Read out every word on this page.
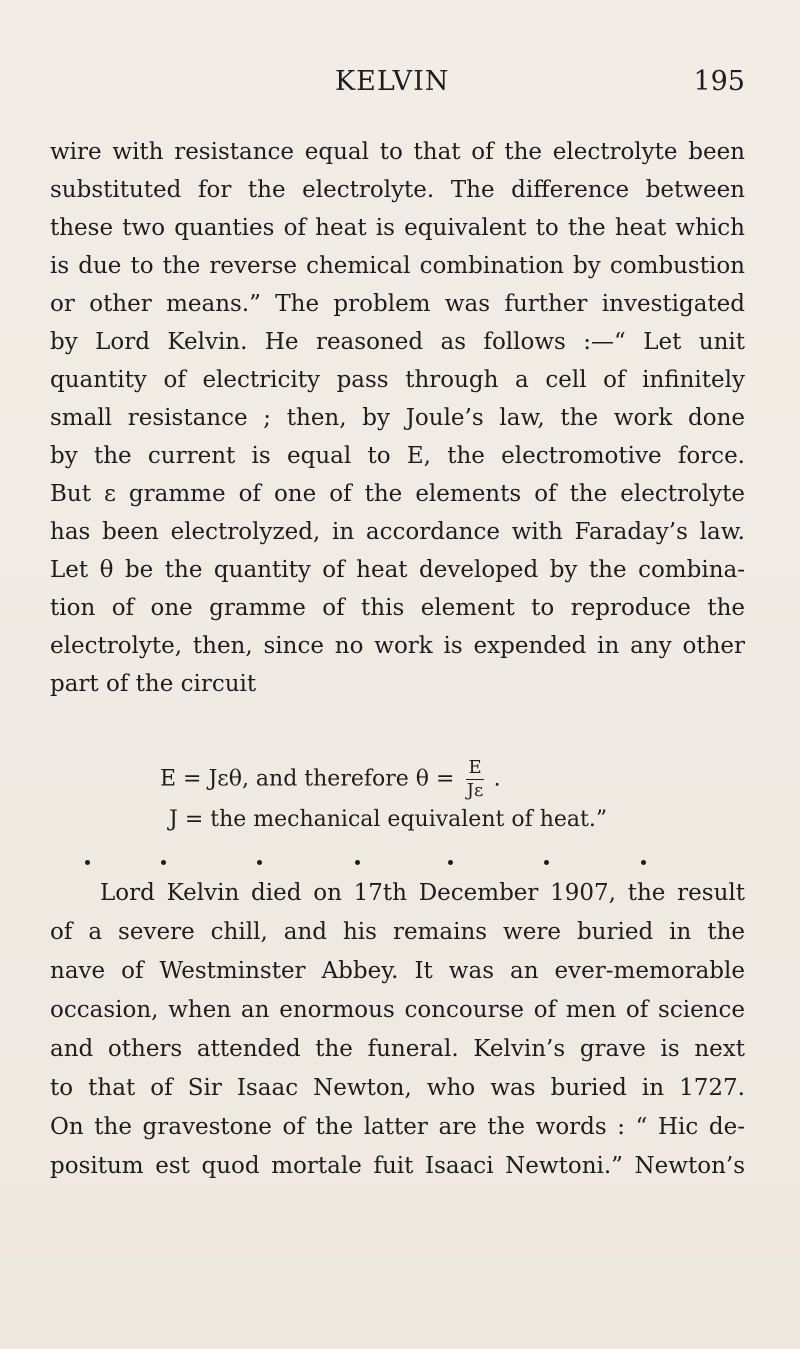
KELVIN	195
wire with resistance equal to that of the electrolyte been
substituted for the electrolyte. The difference between
these two quanties of heat is equivalent to the heat which
is due to the reverse chemical combination by combustion
or other means.” The problem was further investigated
by Lord Kelvin. He reasoned as follows :—“ Let unit
quantity of electricity pass through a cell of infinitely
small resistance ; then, by Joule’s law, the work done
by the current is equal to E, the electromotive force.
But ε gramme of one of the elements of the electrolyte
has been electrolyzed, in accordance with Faraday’s law.
Let θ be the quantity of heat developed by the combina-
tion of one gramme of this element to reproduce the
electrolyte, then, since no work is expended in any other
part of the circuit
E = Jεθ, and therefore $\theta = \frac{E}{J\varepsilon}$ .
J = the mechanical equivalent of heat.”
Lord Kelvin died on 17th December 1907, the result
of a severe chill, and his remains were buried in the
nave of Westminster Abbey. It was an ever-memorable
occasion, when an enormous concourse of men of science
and others attended the funeral. Kelvin’s grave is next
to that of Sir Isaac Newton, who was buried in 1727.
On the gravestone of the latter are the words : “ Hic de-
positum est quod mortale fuit Isaaci Newtoni.” Newton’s
